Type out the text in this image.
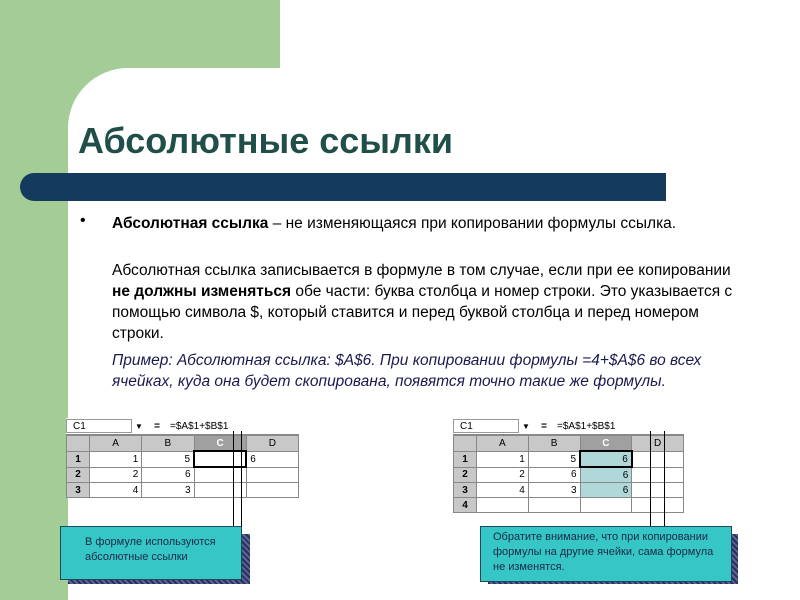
Абсолютные ссылки
• Абсолютная ссылка – не изменяющаяся при копировании формулы ссылка.
Абсолютная ссылка записывается в формуле в том случае, если при ее копировании не должны изменяться обе части: буква столбца и номер строки. Это указывается с помощью символа $, который ставится и перед буквой столбца и перед номером строки.
Пример: Абсолютная ссылка: $A$6. При копировании формулы =4+$A$6 во всех ячейках, куда она будет скопирована, появятся точно такие же формулы.
C1	▼	=	=$A$1+$B$1
	A	B	C	D
1	1	5		6
2	2	6		
3	4	3		
C1	▼	=	=$A$1+$B$1
	A	B	C	D
1	1	5	6	
2	2	6	6	
3	4	3	6	
4				
В формуле используются абсолютные ссылки
Обратите внимание, что при копировании формулы на другие ячейки, сама формула не изменятся.
